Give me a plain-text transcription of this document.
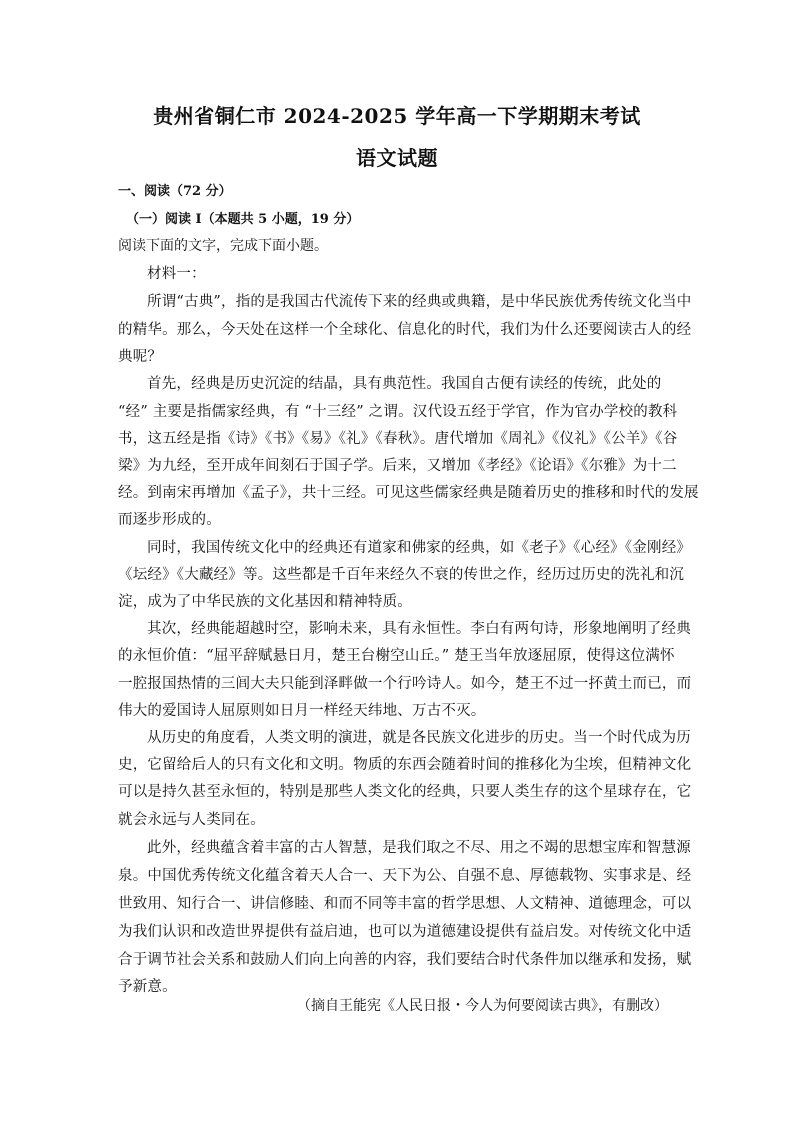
贵州省铜仁市 2024-2025 学年高一下学期期末考试
语文试题
一、阅读（72 分）
（一）阅读 I（本题共 5 小题，19 分）
阅读下面的文字，完成下面小题。
材料一：
所谓“古典”，指的是我国古代流传下来的经典或典籍，是中华民族优秀传统文化当中
的精华。那么，今天处在这样一个全球化、信息化的时代，我们为什么还要阅读古人的经
典呢？
首先，经典是历史沉淀的结晶，具有典范性。我国自古便有读经的传统，此处的
“经” 主要是指儒家经典，有 “十三经” 之谓。汉代设五经于学官，作为官办学校的教科
书，这五经是指《诗》《书》《易》《礼》《春秋》。唐代增加《周礼》《仪礼》《公羊》《谷
梁》为九经，至开成年间刻石于国子学。后来，又增加《孝经》《论语》《尔雅》为十二
经。到南宋再增加《孟子》，共十三经。可见这些儒家经典是随着历史的推移和时代的发展
而逐步形成的。
同时，我国传统文化中的经典还有道家和佛家的经典，如《老子》《心经》《金刚经》
《坛经》《大藏经》等。这些都是千百年来经久不衰的传世之作，经历过历史的洗礼和沉
淀，成为了中华民族的文化基因和精神特质。
其次，经典能超越时空，影响未来，具有永恒性。李白有两句诗，形象地阐明了经典
的永恒价值：“屈平辞赋悬日月，楚王台榭空山丘。” 楚王当年放逐屈原，使得这位满怀
一腔报国热情的三闾大夫只能到泽畔做一个行吟诗人。如今，楚王不过一抔黄土而已，而
伟大的爱国诗人屈原则如日月一样经天纬地、万古不灭。
从历史的角度看，人类文明的演进，就是各民族文化进步的历史。当一个时代成为历
史，它留给后人的只有文化和文明。物质的东西会随着时间的推移化为尘埃，但精神文化
可以是持久甚至永恒的，特别是那些人类文化的经典，只要人类生存的这个星球存在，它
就会永远与人类同在。
此外，经典蕴含着丰富的古人智慧，是我们取之不尽、用之不竭的思想宝库和智慧源
泉。中国优秀传统文化蕴含着天人合一、天下为公、自强不息、厚德载物、实事求是、经
世致用、知行合一、讲信修睦、和而不同等丰富的哲学思想、人文精神、道德理念，可以
为我们认识和改造世界提供有益启迪，也可以为道德建设提供有益启发。对传统文化中适
合于调节社会关系和鼓励人们向上向善的内容，我们要结合时代条件加以继承和发扬，赋
予新意。
（摘自王能宪《人民日报・今人为何要阅读古典》，有删改）
